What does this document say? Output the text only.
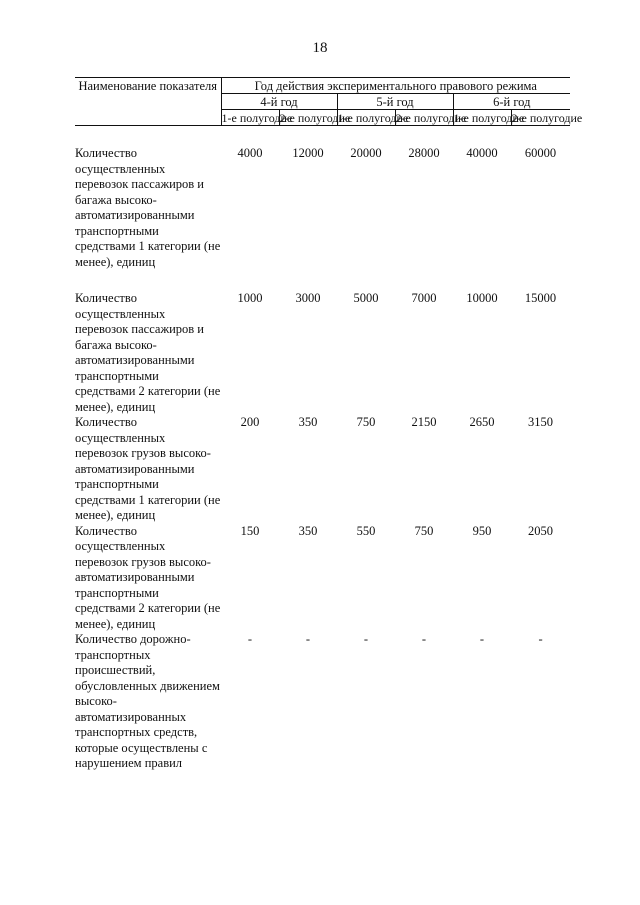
18
Наименование показателя	Год действия экспериментального правового режима					
	4-й год		5-й год		6-й год	
	1-е полугодие	2-е полугодие	1-е полугодие	2-е полугодие	1-е полугодие	2-е полугодие
Количество осуществленных перевозок пассажиров и багажа высоко-автоматизированными транспортными средствами 1 категории (не менее), единиц	4000	12000	20000	28000	40000	60000
Количество осуществленных перевозок пассажиров и багажа высоко-автоматизированными транспортными средствами 2 категории (не менее), единиц	1000	3000	5000	7000	10000	15000
Количество осуществленных перевозок грузов высоко-автоматизированными транспортными средствами 1 категории (не менее), единиц	200	350	750	2150	2650	3150
Количество осуществленных перевозок грузов высоко-автоматизированными транспортными средствами 2 категории (не менее), единиц	150	350	550	750	950	2050
Количество дорожно-транспортных происшествий, обусловленных движением высоко-автоматизированных транспортных средств, которые осуществлены с нарушением правил	-	-	-	-	-	-
